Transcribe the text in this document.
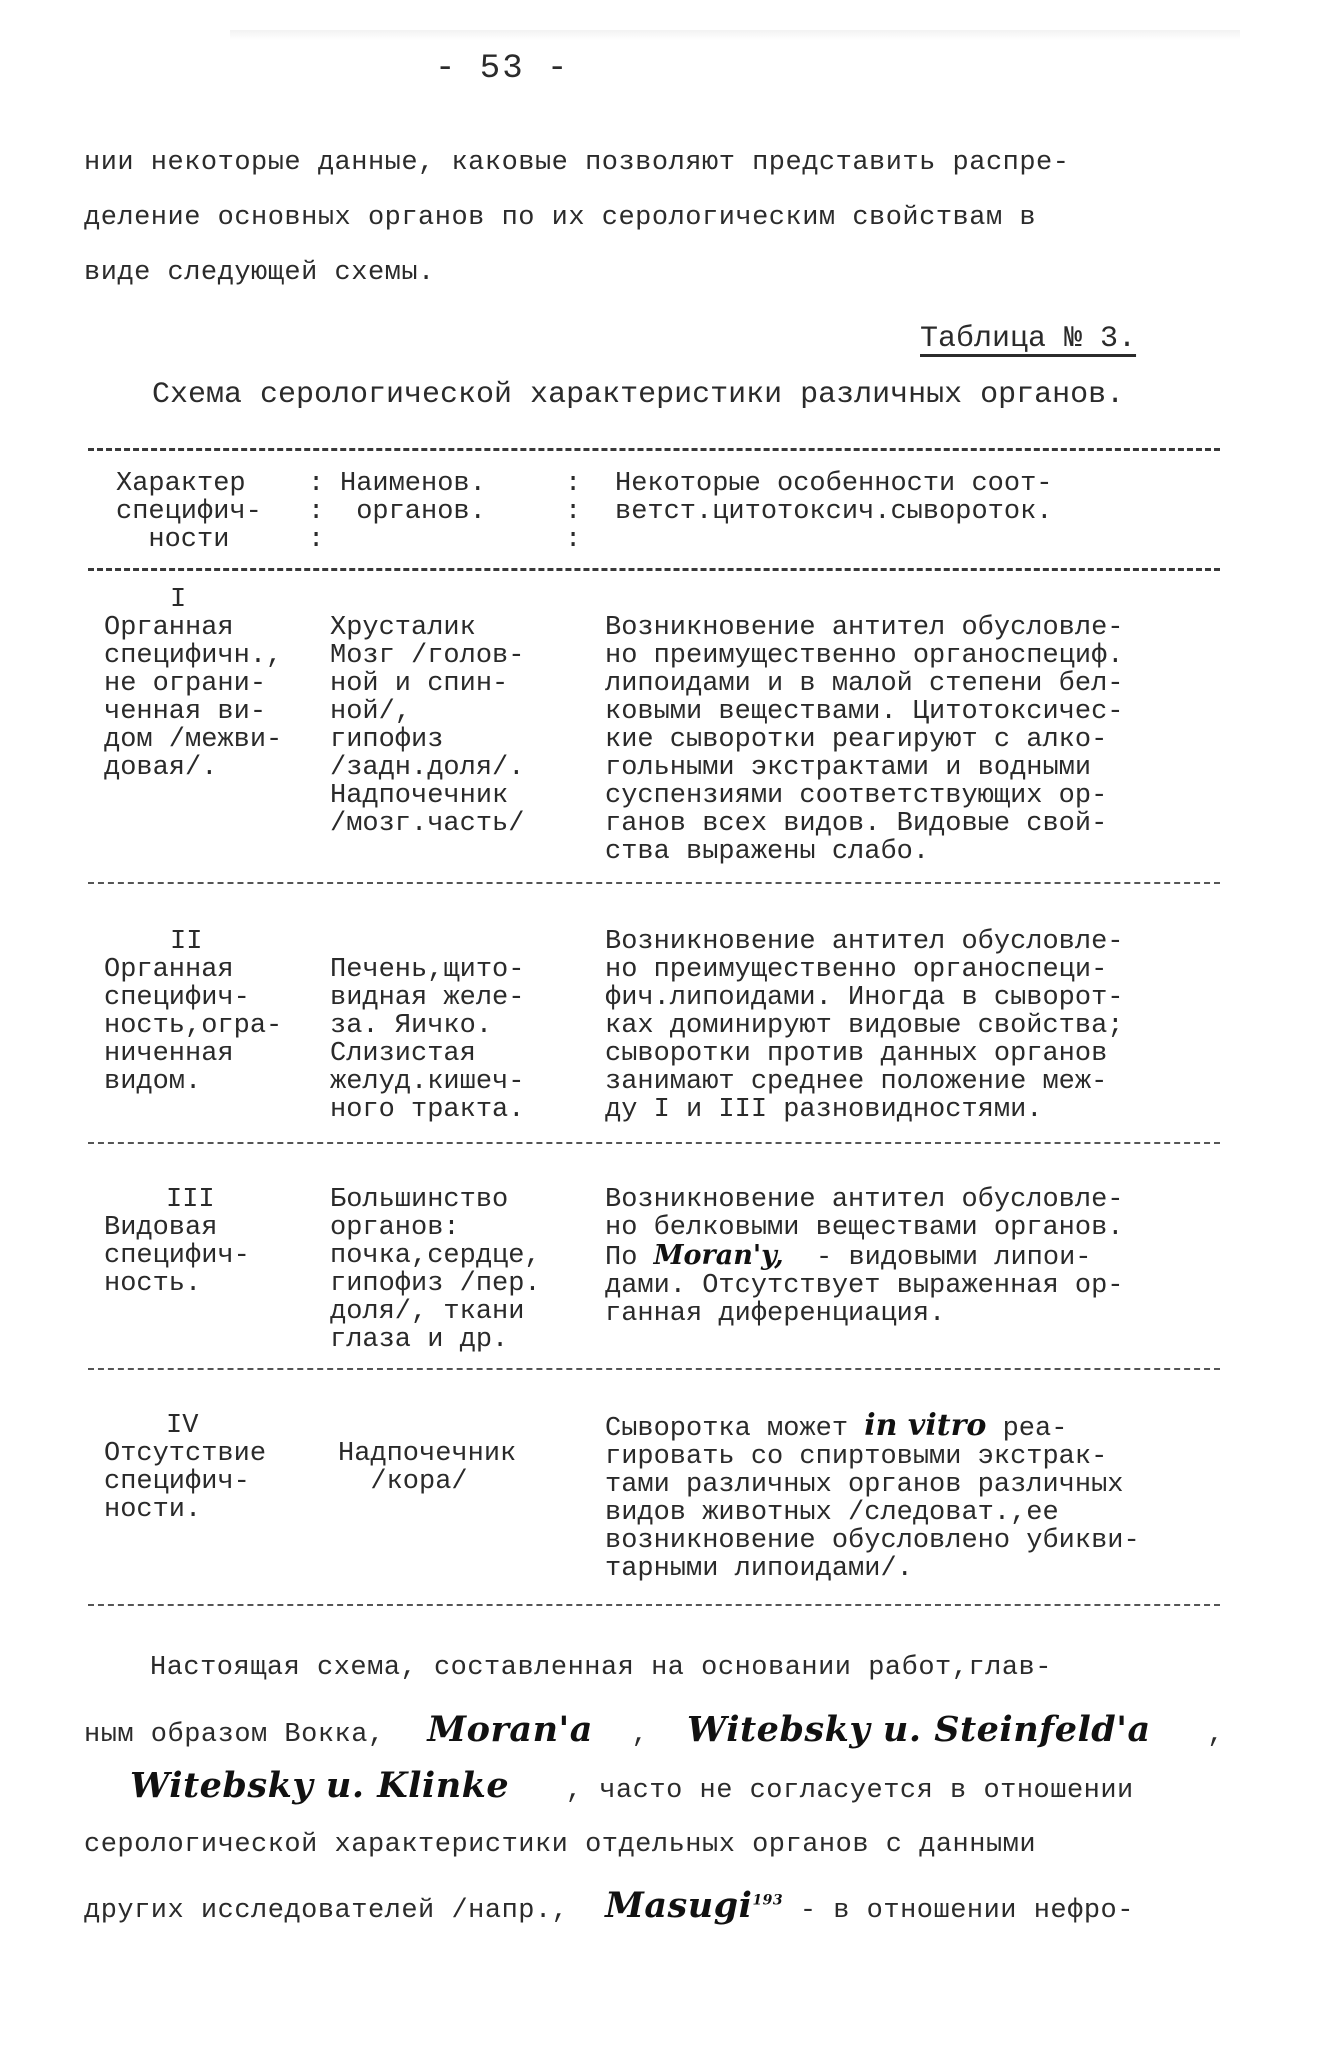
- 53 -
нии некоторые данные, каковые позволяют представить распре-
деление основных органов по их серологическим свойствам в
виде следующей схемы.
Таблица № 3.
Схема серологической характеристики различных органов.
Характер
специфич-
ности
:
:
:
Наименов.
органов.
:
:
:
Некоторые особенности соот-
ветст.цитотоксич.сывороток.
I
Органная
специфичн.,
не ограни-
ченная ви-
дом /межви-
довая/.
Хрусталик
Мозг /голов-
ной и спин-
ной/,
гипофиз
/задн.доля/.
Надпочечник
/мозг.часть/
Возникновение антител обусловле-
но преимущественно органоспециф.
липоидами и в малой степени бел-
ковыми веществами. Цитотоксичес-
кие сыворотки реагируют с алко-
гольными экстрактами и водными
суспензиями соответствующих ор-
ганов всех видов. Видовые свой-
ства выражены слабо.
II
Органная
специфич-
ность,огра-
ниченная
видом.
Печень,щито-
видная желе-
за. Яичко.
Слизистая
желуд.кишеч-
ного тракта.
Возникновение антител обусловле-
но преимущественно органоспеци-
фич.липоидами. Иногда в сыворот-
ках доминируют видовые свойства;
сыворотки против данных органов
занимают среднее положение меж-
ду I и III разновидностями.
III
Видовая
специфич-
ность.
Большинство
органов:
почка,сердце,
гипофиз /пер.
доля/, ткани
глаза и др.
Возникновение антител обусловле-
но белковыми веществами органов.
По Moran'y,  - видовыми липои-
дами. Отсутствует выраженная ор-
ганная диференциация.
IV
Отсутствие
специфич-
ности.
Надпочечник
/кора/
Сыворотка может in vitro реа-
гировать со спиртовыми экстрак-
тами различных органов различных
видов животных /следоват.,ее
возникновение обусловлено убикви-
тарными липоидами/.
Настоящая схема, составленная на основании работ,глав-
ным образом Вокка, Moran'a , Witebsky u. Steinfeld'a ,
Witebsky u. Klinke , часто не согласуется в отношении
серологической характеристики отдельных органов с данными
других исследователей /напр., Masugi$^{193}$ - в отношении нефро-
